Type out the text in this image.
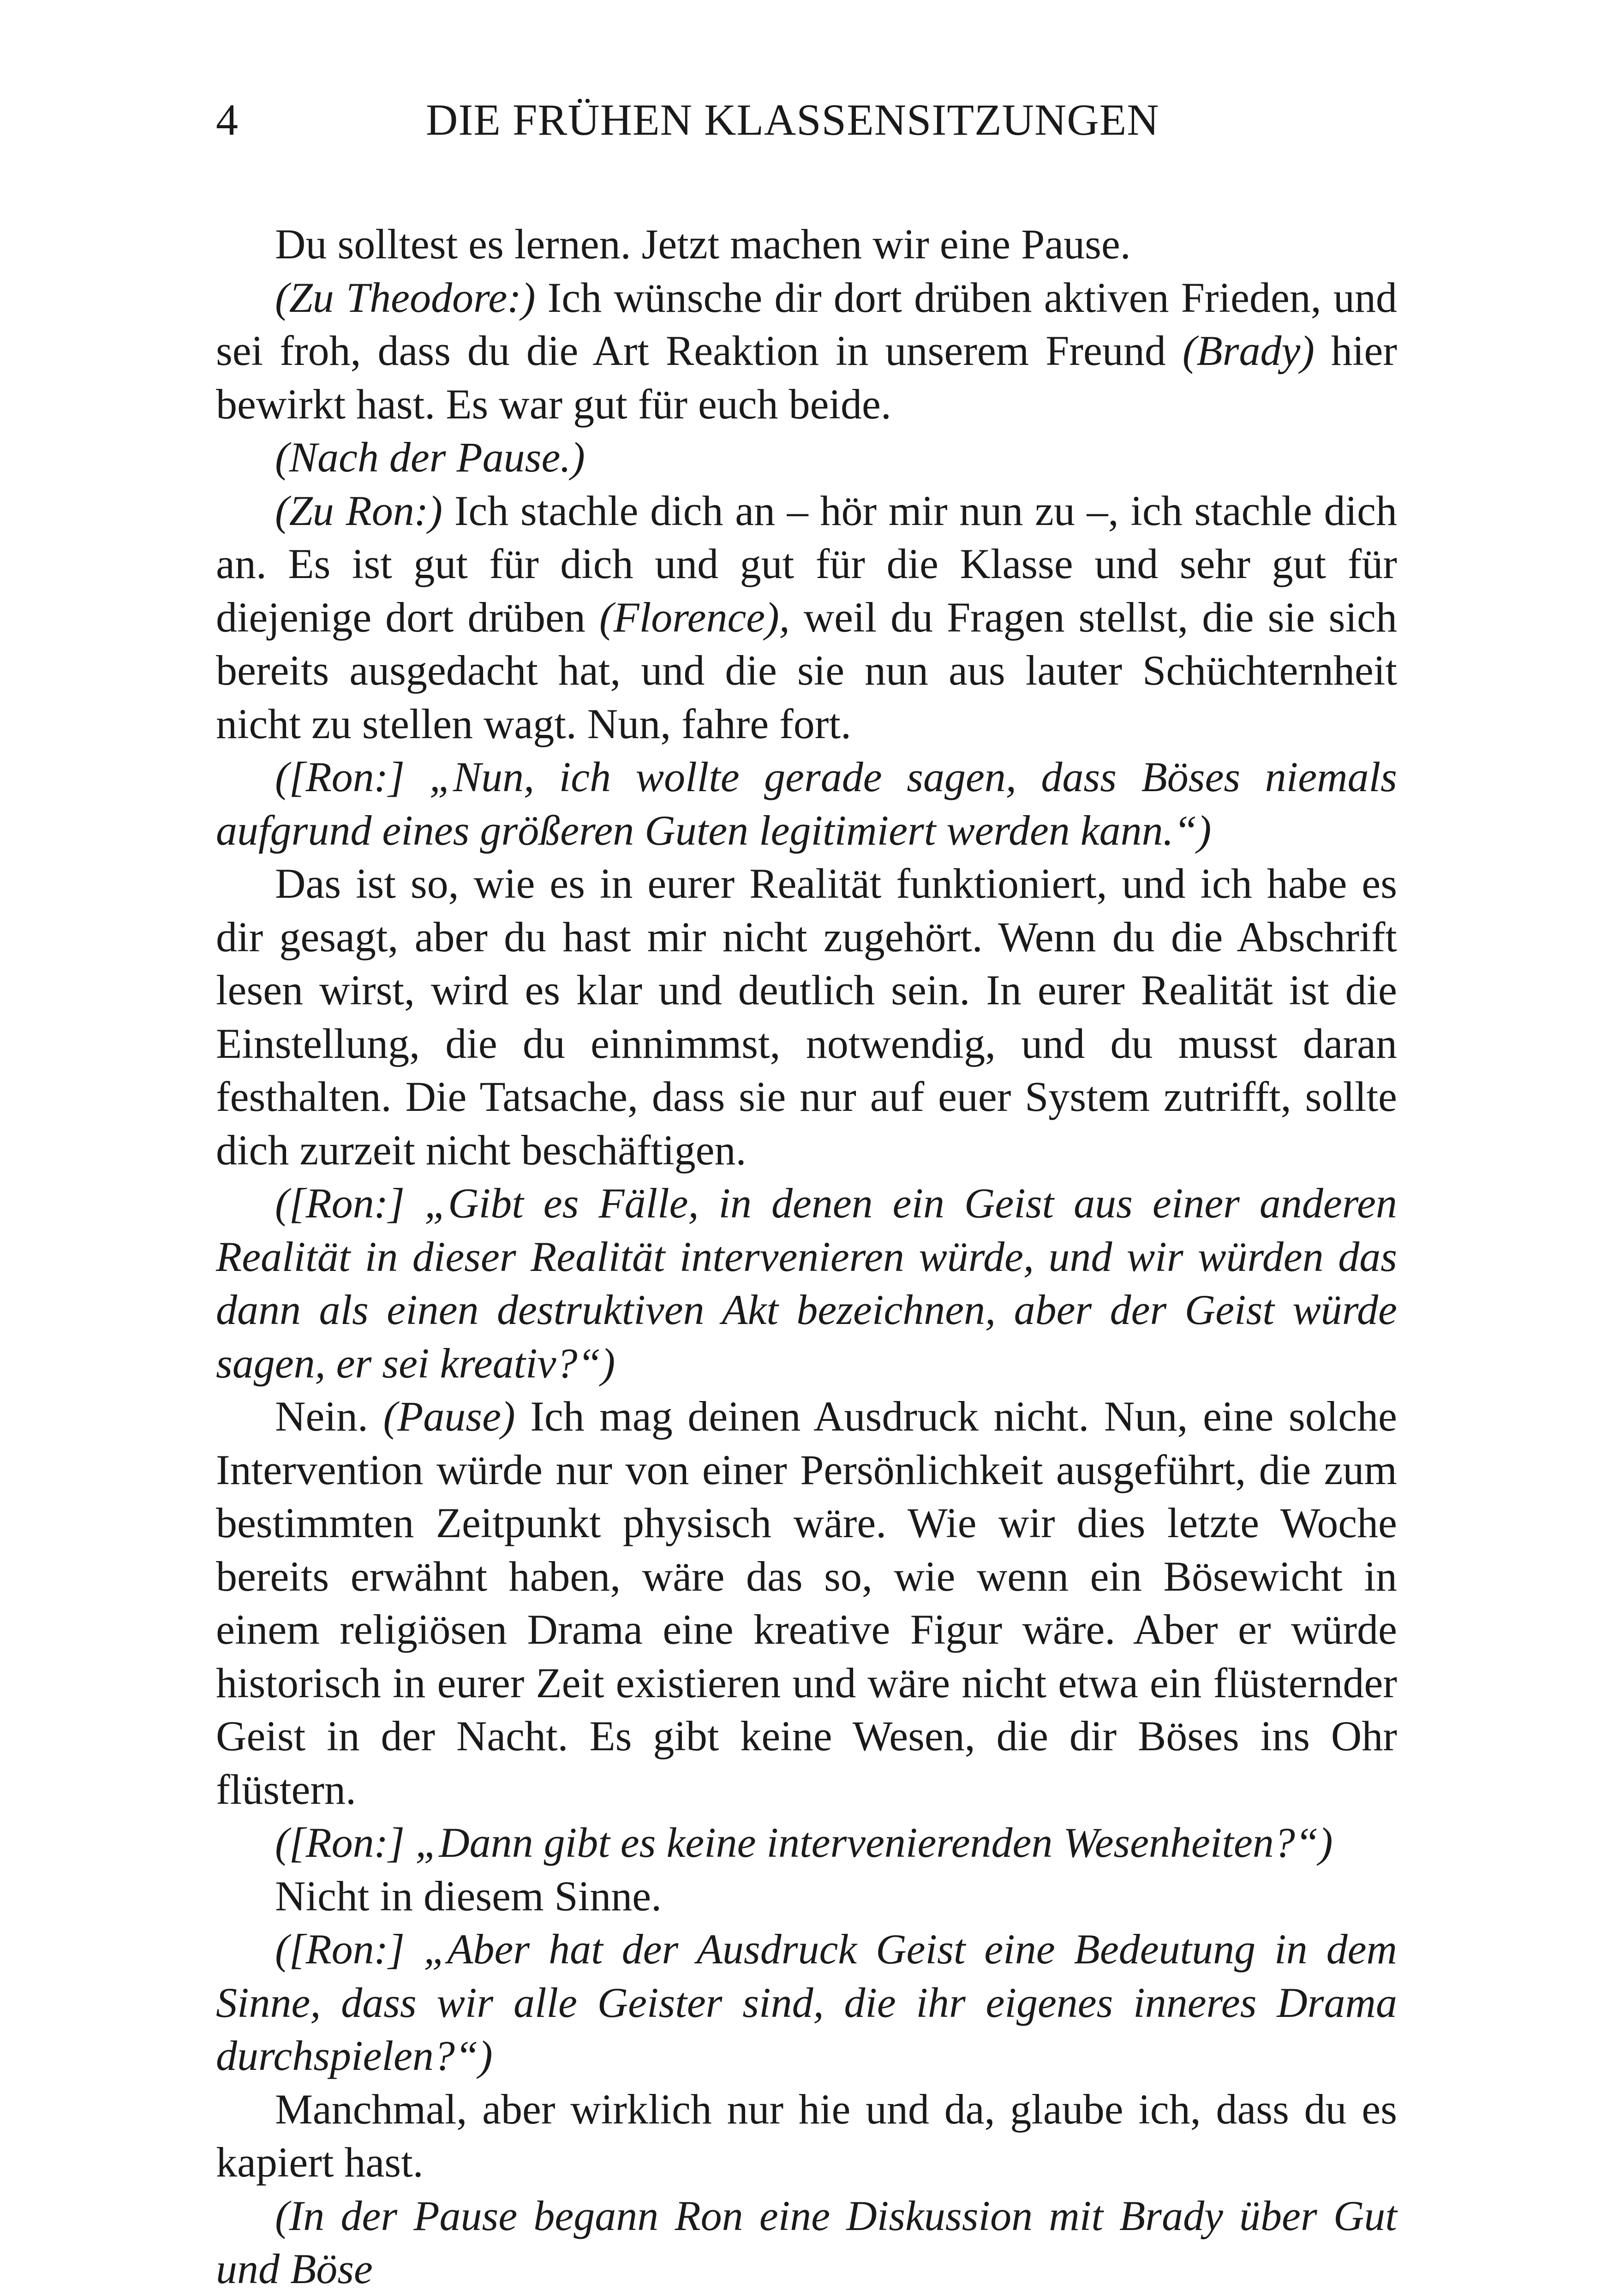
4	DIE FRÜHEN KLASSENSITZUNGEN

Du solltest es lernen. Jetzt machen wir eine Pause.

(Zu Theodore:) Ich wünsche dir dort drüben aktiven Frieden, und sei froh, dass du die Art Reaktion in unserem Freund (Brady) hier bewirkt hast. Es war gut für euch beide.

(Nach der Pause.)

(Zu Ron:) Ich stachle dich an – hör mir nun zu –, ich stachle dich an. Es ist gut für dich und gut für die Klasse und sehr gut für diejenige dort drüben (Florence), weil du Fragen stellst, die sie sich bereits ausgedacht hat, und die sie nun aus lauter Schüchternheit nicht zu stellen wagt. Nun, fahre fort.

([Ron:] „Nun, ich wollte gerade sagen, dass Böses niemals aufgrund eines größeren Guten legitimiert werden kann.“)

Das ist so, wie es in eurer Realität funktioniert, und ich habe es dir gesagt, aber du hast mir nicht zugehört. Wenn du die Abschrift lesen wirst, wird es klar und deutlich sein. In eurer Realität ist die Einstellung, die du einnimmst, notwendig, und du musst daran festhalten. Die Tatsache, dass sie nur auf euer System zutrifft, sollte dich zurzeit nicht beschäftigen.

([Ron:] „Gibt es Fälle, in denen ein Geist aus einer anderen Realität in dieser Realität intervenieren würde, und wir würden das dann als einen destruktiven Akt bezeichnen, aber der Geist würde sagen, er sei kreativ?“)

Nein. (Pause) Ich mag deinen Ausdruck nicht. Nun, eine solche Intervention würde nur von einer Persönlichkeit ausgeführt, die zum bestimmten Zeitpunkt physisch wäre. Wie wir dies letzte Woche bereits erwähnt haben, wäre das so, wie wenn ein Bösewicht in einem religiösen Drama eine kreative Figur wäre. Aber er würde historisch in eurer Zeit existieren und wäre nicht etwa ein flüsternder Geist in der Nacht. Es gibt keine Wesen, die dir Böses ins Ohr flüstern.

([Ron:] „Dann gibt es keine intervenierenden Wesenheiten?“)

Nicht in diesem Sinne.

([Ron:] „Aber hat der Ausdruck Geist eine Bedeutung in dem Sinne, dass wir alle Geister sind, die ihr eigenes inneres Drama durchspielen?“)

Manchmal, aber wirklich nur hie und da, glaube ich, dass du es kapiert hast.

(In der Pause begann Ron eine Diskussion mit Brady über Gut und Böse
